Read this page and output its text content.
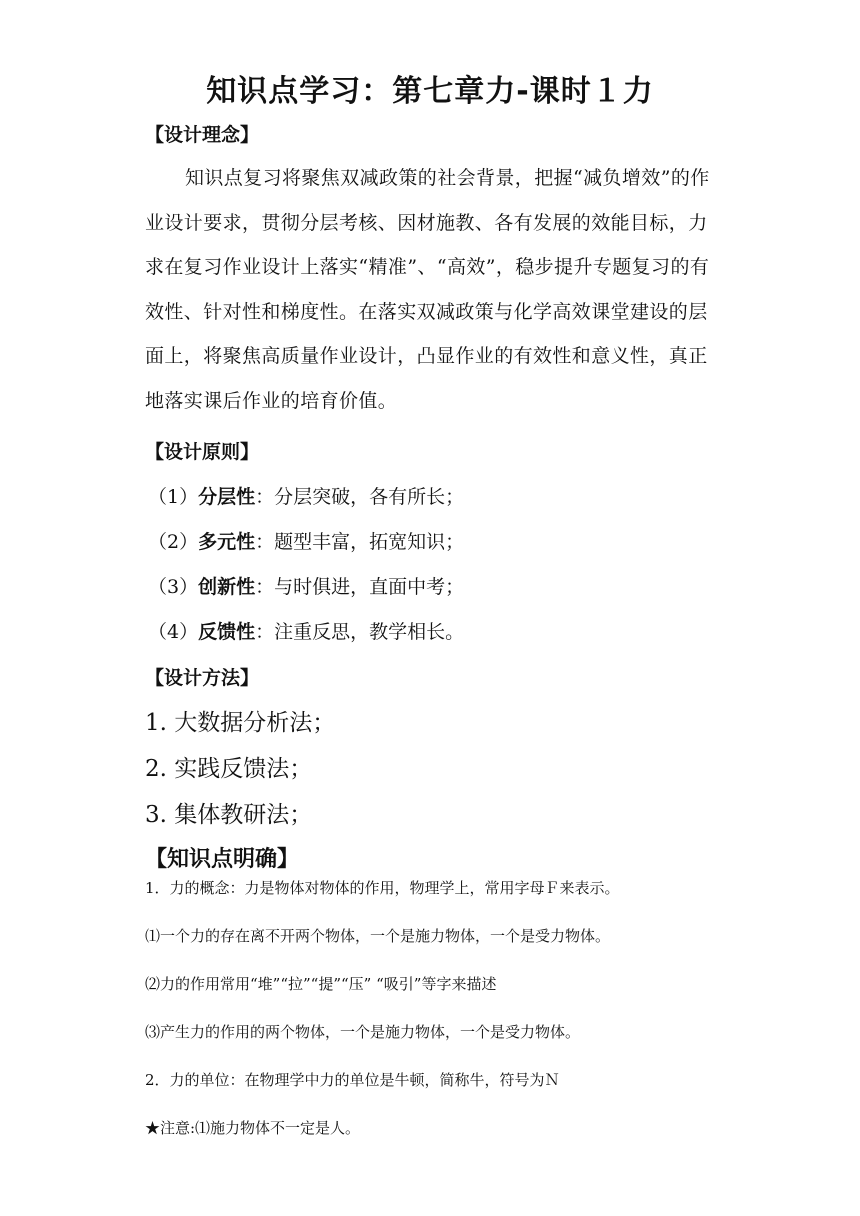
知识点学习：第七章力-课时１力
【设计理念】

知识点复习将聚焦双减政策的社会背景，把握“减负增效”的作业设计要求，贯彻分层考核、因材施教、各有发展的效能目标，力求在复习作业设计上落实“精准”、“高效”，稳步提升专题复习的有效性、针对性和梯度性。在落实双减政策与化学高效课堂建设的层面上，将聚焦高质量作业设计，凸显作业的有效性和意义性，真正地落实课后作业的培育价值。

【设计原则】
（1）分层性：分层突破，各有所长；
（2）多元性：题型丰富，拓宽知识；
（3）创新性：与时俱进，直面中考；
（4）反馈性：注重反思，教学相长。
【设计方法】
1. 大数据分析法；
2. 实践反馈法；
3. 集体教研法；
【知识点明确】
1．力的概念：力是物体对物体的作用，物理学上，常用字母Ｆ来表示。
⑴一个力的存在离不开两个物体，一个是施力物体，一个是受力物体。
⑵力的作用常用“堆”“拉”“提”“压” “吸引”等字来描述
⑶产生力的作用的两个物体，一个是施力物体，一个是受力物体。
2．力的单位：在物理学中力的单位是牛顿，简称牛，符号为Ｎ
★注意:⑴施力物体不一定是人。
